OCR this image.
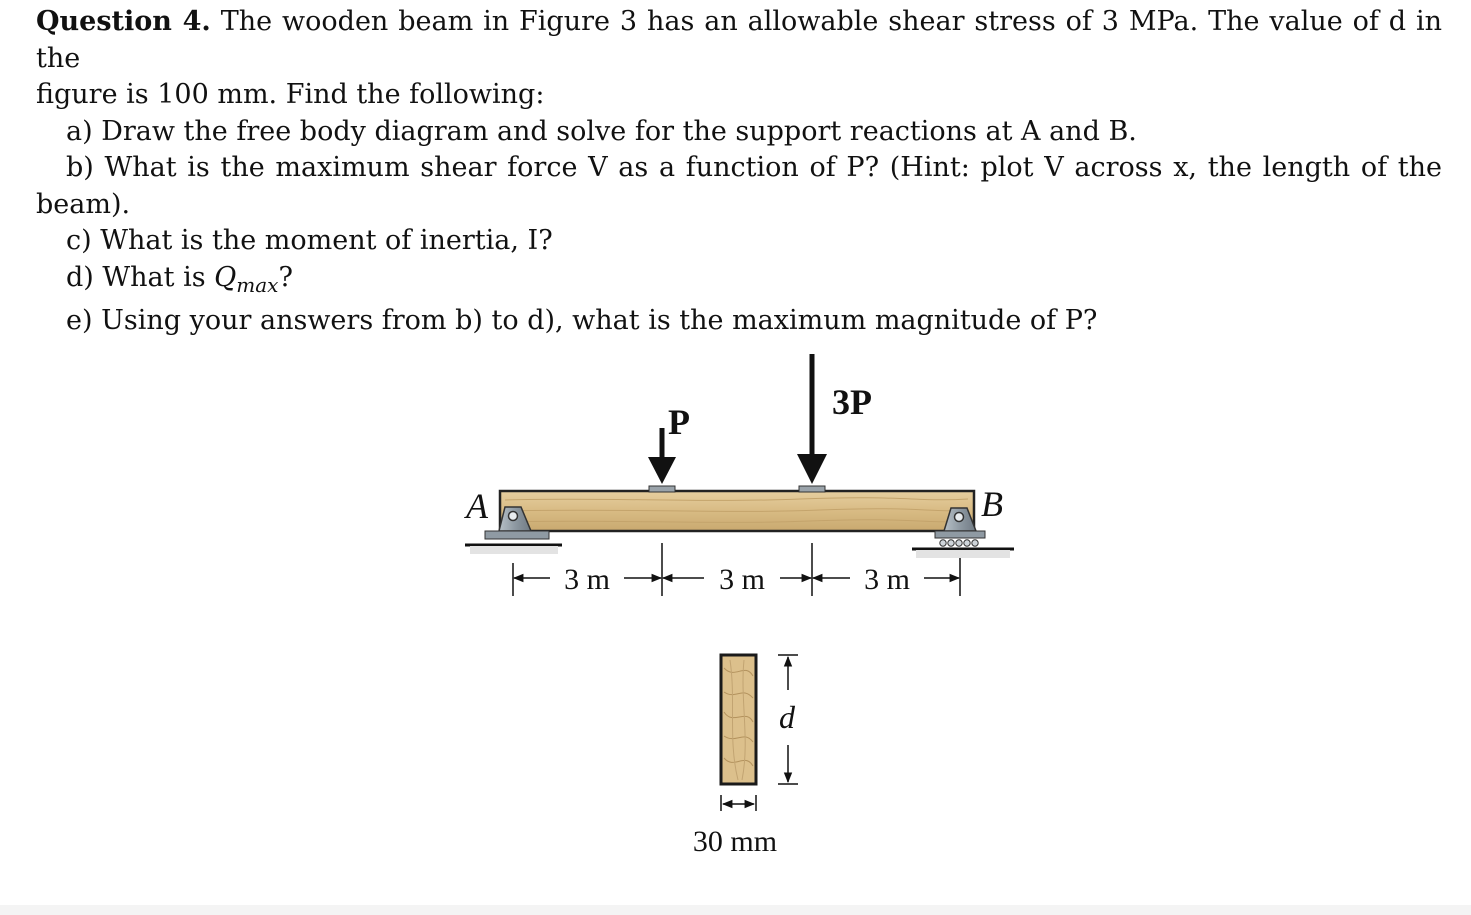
Question 4. The wooden beam in Figure 3 has an allowable shear stress of 3 MPa. The value of d in the

figure is 100 mm. Find the following:

a) Draw the free body diagram and solve for the support reactions at A and B.

b) What is the maximum shear force V as a function of P? (Hint: plot V across x, the length of the

beam).

c) What is the moment of inertia, I?

d) What is $Q_{max}$?

e) Using your answers from b) to d), what is the maximum magnitude of P?

P	3P
A	B
3 m	3 m	3 m
d
30 mm
